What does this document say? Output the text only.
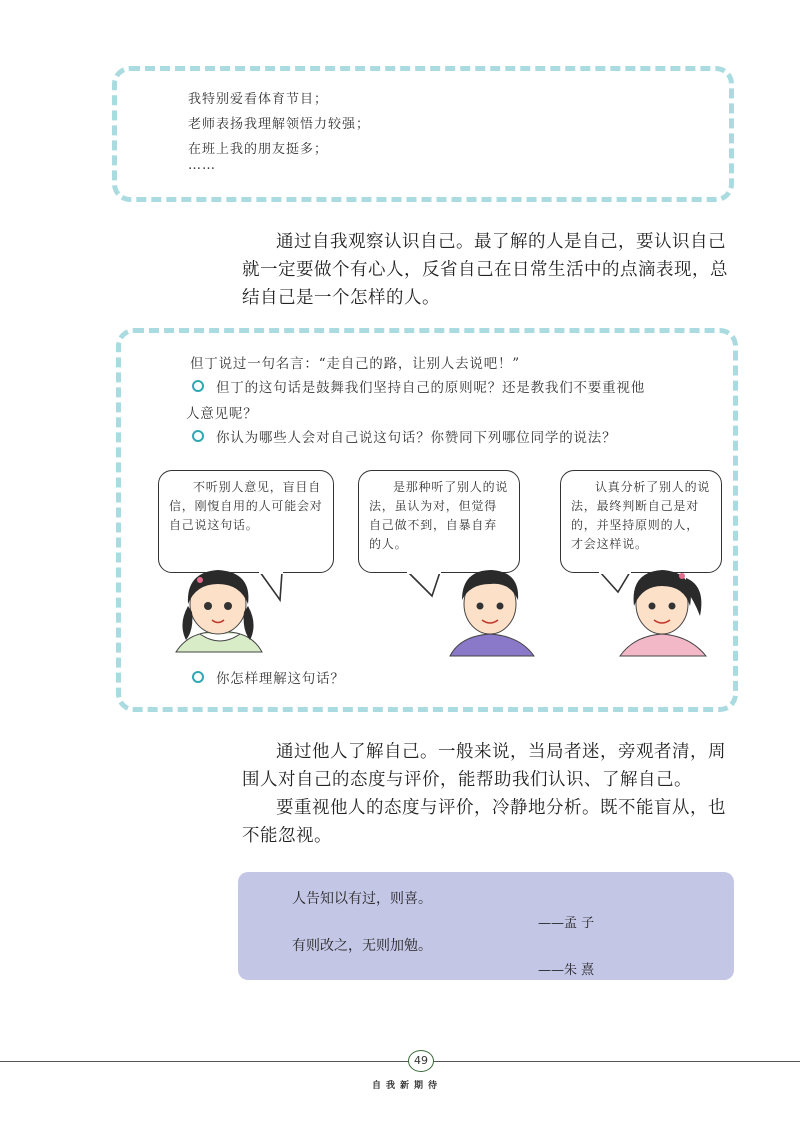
我特别爱看体育节目；
老师表扬我理解领悟力较强；
在班上我的朋友挺多；
……
通过自我观察认识自己。最了解的人是自己，要认识自己
就一定要做个有心人，反省自己在日常生活中的点滴表现，总
结自己是一个怎样的人。
但丁说过一句名言：“走自己的路，让别人去说吧！”
但丁的这句话是鼓舞我们坚持自己的原则呢？还是教我们不要重视他
人意见呢？
你认为哪些人会对自己说这句话？你赞同下列哪位同学的说法？
不听别人意见，盲目自信，刚愎自用的人可能会对自己说这句话。
是那种听了别人的说法，虽认为对，但觉得自己做不到，自暴自弃的人。
认真分析了别人的说法，最终判断自己是对的，并坚持原则的人，才会这样说。
你怎样理解这句话？
通过他人了解自己。一般来说，当局者迷，旁观者清，周
围人对自己的态度与评价，能帮助我们认识、了解自己。
要重视他人的态度与评价，冷静地分析。既不能盲从，也
不能忽视。
人告知以有过，则喜。
——孟 子
有则改之，无则加勉。
——朱 熹
49
自我新期待
